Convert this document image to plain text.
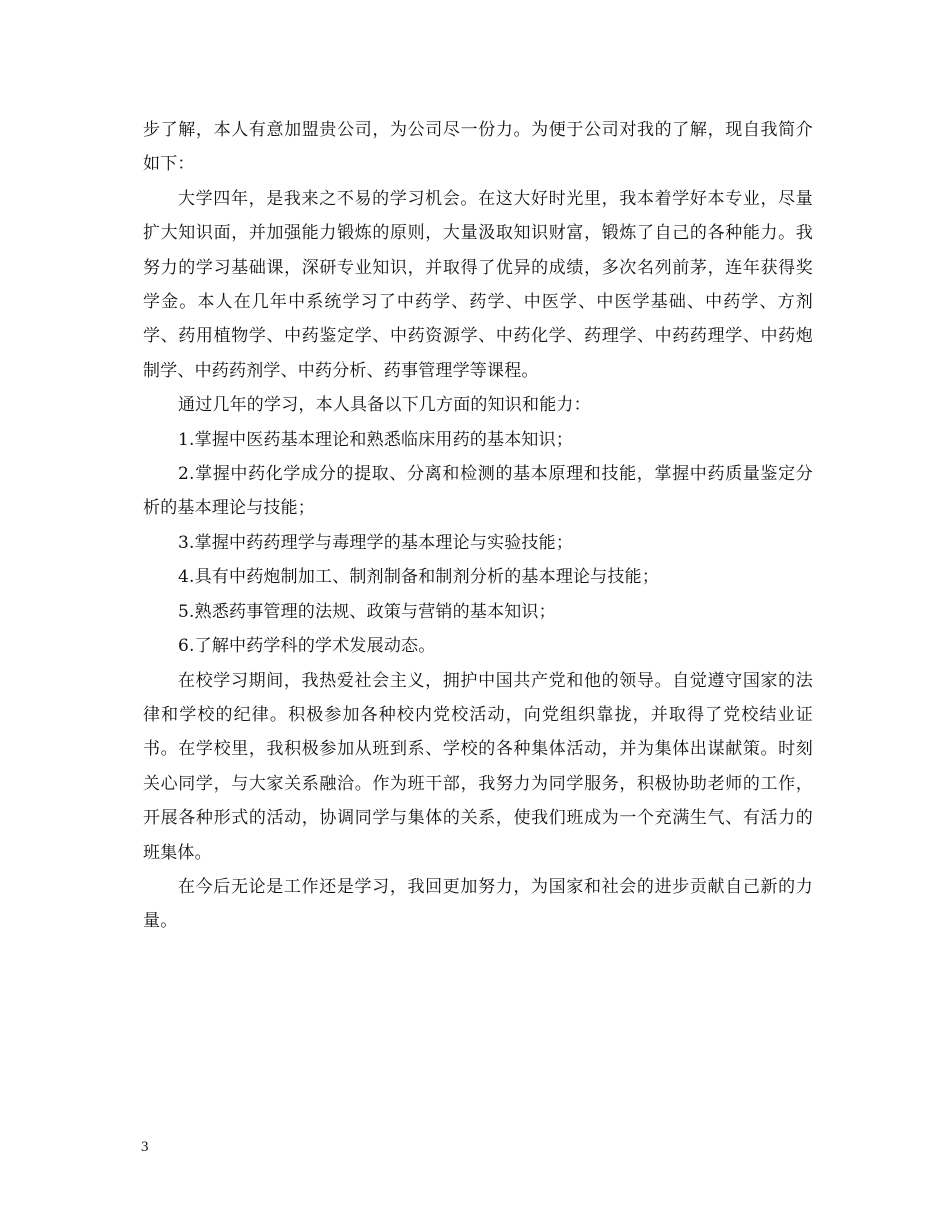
步了解，本人有意加盟贵公司，为公司尽一份力。为便于公司对我的了解，现自我简介如下：

大学四年，是我来之不易的学习机会。在这大好时光里，我本着学好本专业，尽量扩大知识面，并加强能力锻炼的原则，大量汲取知识财富，锻炼了自己的各种能力。我努力的学习基础课，深研专业知识，并取得了优异的成绩，多次名列前茅，连年获得奖学金。本人在几年中系统学习了中药学、药学、中医学、中医学基础、中药学、方剂学、药用植物学、中药鉴定学、中药资源学、中药化学、药理学、中药药理学、中药炮制学、中药药剂学、中药分析、药事管理学等课程。

通过几年的学习，本人具备以下几方面的知识和能力：

1.掌握中医药基本理论和熟悉临床用药的基本知识；

2.掌握中药化学成分的提取、分离和检测的基本原理和技能，掌握中药质量鉴定分析的基本理论与技能；

3.掌握中药药理学与毒理学的基本理论与实验技能；

4.具有中药炮制加工、制剂制备和制剂分析的基本理论与技能；

5.熟悉药事管理的法规、政策与营销的基本知识；

6.了解中药学科的学术发展动态。

在校学习期间，我热爱社会主义，拥护中国共产党和他的领导。自觉遵守国家的法律和学校的纪律。积极参加各种校内党校活动，向党组织靠拢，并取得了党校结业证书。在学校里，我积极参加从班到系、学校的各种集体活动，并为集体出谋献策。时刻关心同学，与大家关系融洽。作为班干部，我努力为同学服务，积极协助老师的工作，开展各种形式的活动，协调同学与集体的关系，使我们班成为一个充满生气、有活力的班集体。

在今后无论是工作还是学习，我回更加努力，为国家和社会的进步贡献自己新的力量。

3
